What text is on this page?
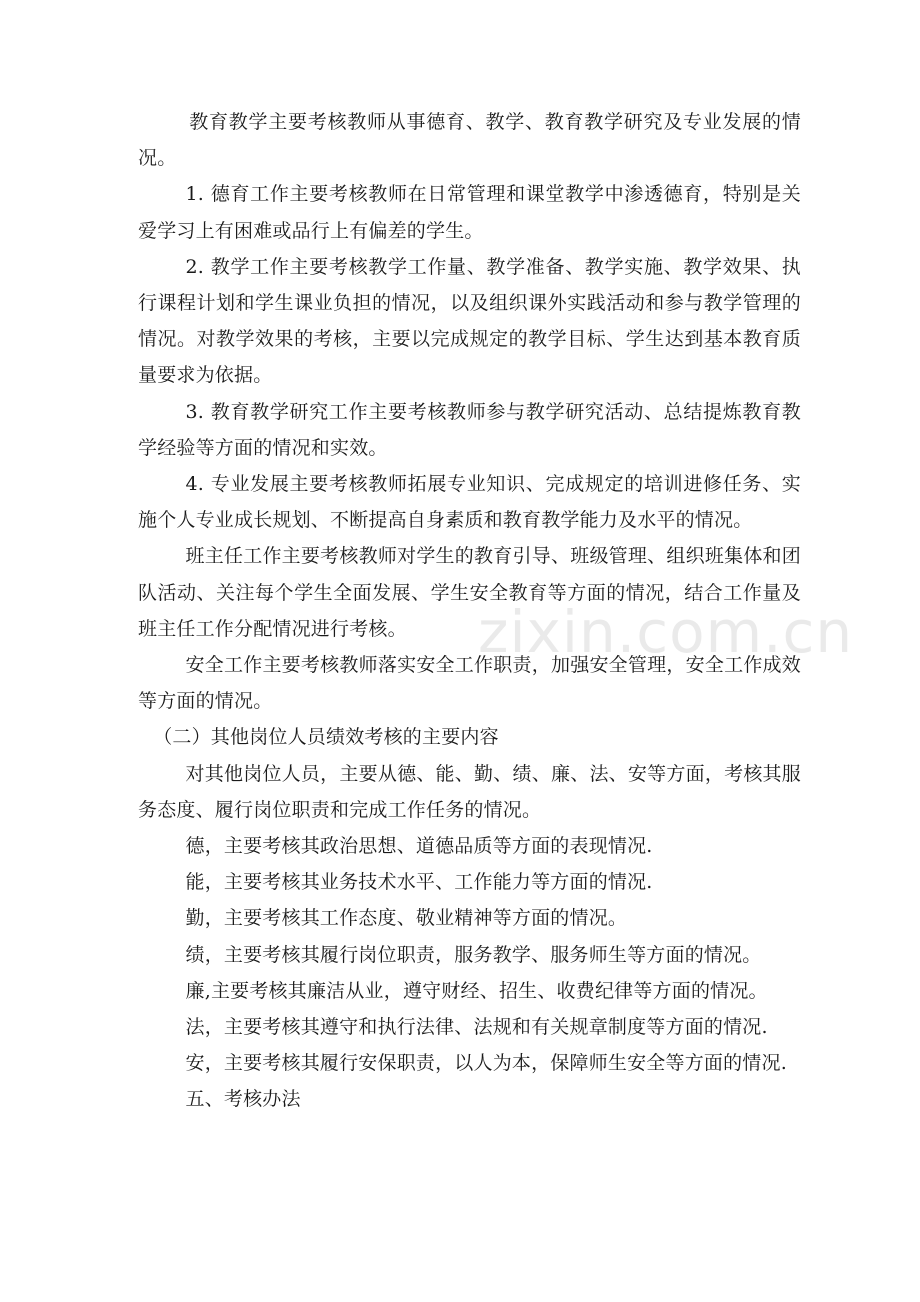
教育教学主要考核教师从事德育、教学、教育教学研究及专业发展的情况。

1. 德育工作主要考核教师在日常管理和课堂教学中渗透德育，特别是关爱学习上有困难或品行上有偏差的学生。

2. 教学工作主要考核教学工作量、教学准备、教学实施、教学效果、执行课程计划和学生课业负担的情况，以及组织课外实践活动和参与教学管理的情况。对教学效果的考核，主要以完成规定的教学目标、学生达到基本教育质量要求为依据。

3. 教育教学研究工作主要考核教师参与教学研究活动、总结提炼教育教学经验等方面的情况和实效。

4. 专业发展主要考核教师拓展专业知识、完成规定的培训进修任务、实施个人专业成长规划、不断提高自身素质和教育教学能力及水平的情况。

班主任工作主要考核教师对学生的教育引导、班级管理、组织班集体和团队活动、关注每个学生全面发展、学生安全教育等方面的情况，结合工作量及班主任工作分配情况进行考核。

安全工作主要考核教师落实安全工作职责，加强安全管理，安全工作成效等方面的情况。

（二）其他岗位人员绩效考核的主要内容

对其他岗位人员，主要从德、能、勤、绩、廉、法、安等方面，考核其服务态度、履行岗位职责和完成工作任务的情况。

德，主要考核其政治思想、道德品质等方面的表现情况.

能，主要考核其业务技术水平、工作能力等方面的情况.

勤，主要考核其工作态度、敬业精神等方面的情况。

绩，主要考核其履行岗位职责，服务教学、服务师生等方面的情况。

廉,主要考核其廉洁从业，遵守财经、招生、收费纪律等方面的情况。

法，主要考核其遵守和执行法律、法规和有关规章制度等方面的情况.

安，主要考核其履行安保职责，以人为本，保障师生安全等方面的情况.

五、考核办法

zixin.com.cn
